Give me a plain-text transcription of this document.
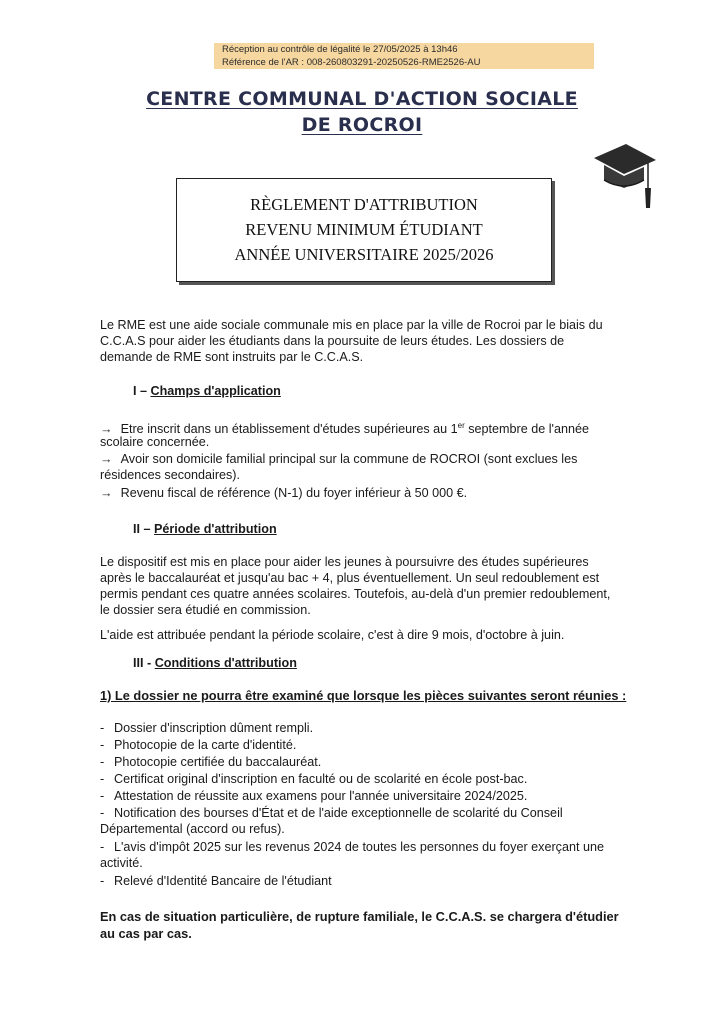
Réception au contrôle de légalité le 27/05/2025 à 13h46
Référence de l'AR : 008-260803291-20250526-RME2526-AU
CENTRE COMMUNAL D'ACTION SOCIALE
DE ROCROI
RÈGLEMENT D'ATTRIBUTION
REVENU MINIMUM ÉTUDIANT
ANNÉE UNIVERSITAIRE 2025/2026
Le RME est une aide sociale communale mis en place par la ville de Rocroi par le biais du
C.C.A.S pour aider les étudiants dans la poursuite de leurs études. Les dossiers de
demande de RME sont instruits par le C.C.A.S.
I – Champs d'application
→ Etre inscrit dans un établissement d'études supérieures au 1er septembre de l'année
scolaire concernée.
→ Avoir son domicile familial principal sur la commune de ROCROI (sont exclues les
résidences secondaires).
→ Revenu fiscal de référence (N-1) du foyer inférieur à 50 000 €.
II – Période d'attribution
Le dispositif est mis en place pour aider les jeunes à poursuivre des études supérieures
après le baccalauréat et jusqu'au bac + 4, plus éventuellement. Un seul redoublement est
permis pendant ces quatre années scolaires. Toutefois, au-delà d'un premier redoublement,
le dossier sera étudié en commission.
L'aide est attribuée pendant la période scolaire, c'est à dire 9 mois, d'octobre à juin.
III - Conditions d'attribution
1) Le dossier ne pourra être examiné que lorsque les pièces suivantes seront réunies :
- Dossier d'inscription dûment rempli.
- Photocopie de la carte d'identité.
- Photocopie certifiée du baccalauréat.
- Certificat original d'inscription en faculté ou de scolarité en école post-bac.
- Attestation de réussite aux examens pour l'année universitaire 2024/2025.
- Notification des bourses d'État et de l'aide exceptionnelle de scolarité du Conseil
Départemental (accord ou refus).
- L'avis d'impôt 2025 sur les revenus 2024 de toutes les personnes du foyer exerçant une
activité.
- Relevé d'Identité Bancaire de l'étudiant
En cas de situation particulière, de rupture familiale, le C.C.A.S. se chargera d'étudier
au cas par cas.
